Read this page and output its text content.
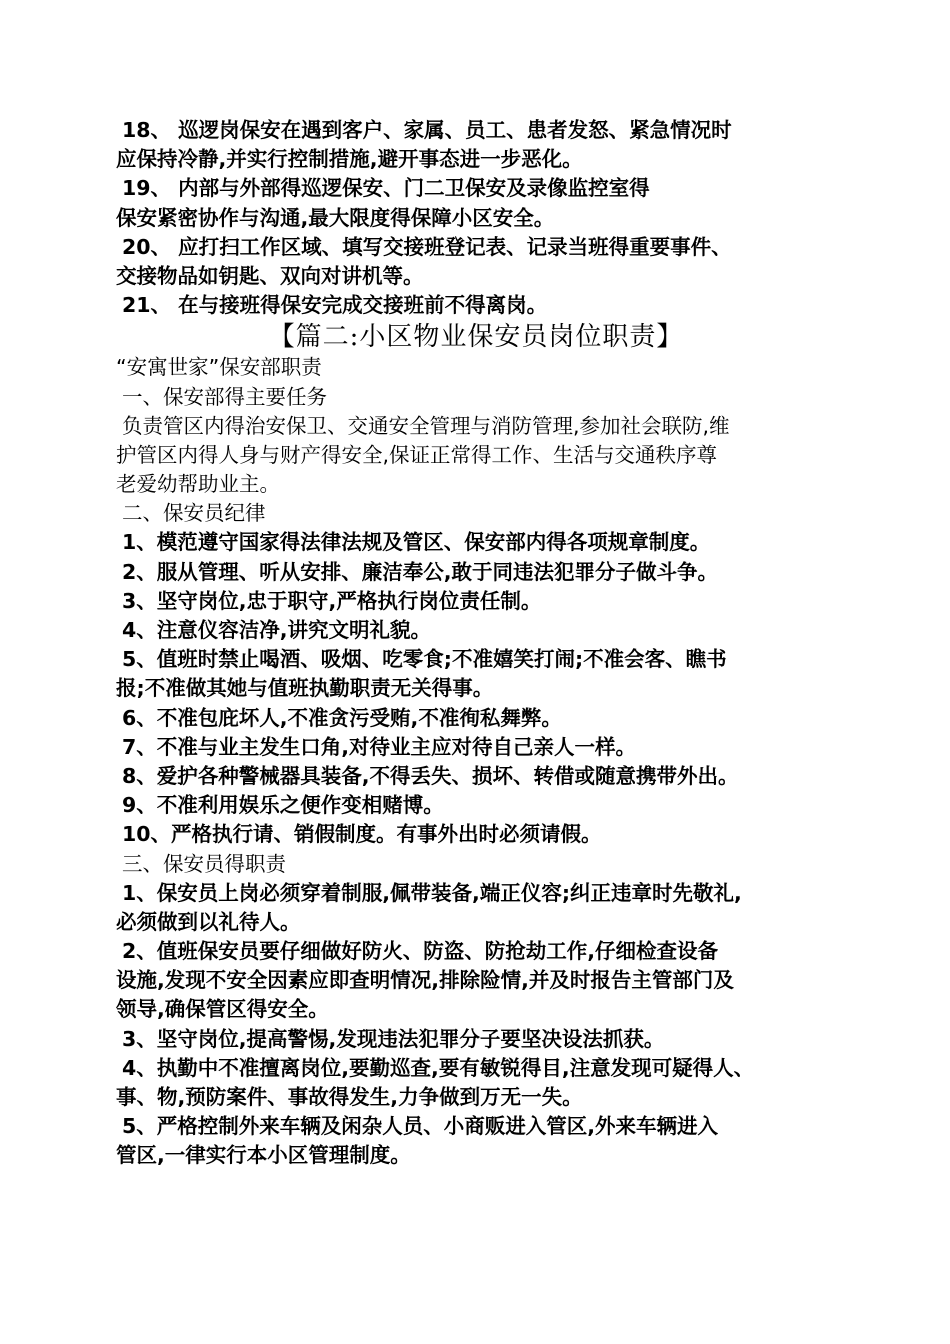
18、 巡逻岗保安在遇到客户、家属、员工、患者发怒、紧急情况时
应保持冷静,并实行控制措施,避开事态进一步恶化。
19、 内部与外部得巡逻保安、门二卫保安及录像监控室得
保安紧密协作与沟通,最大限度得保障小区安全。
20、 应打扫工作区域、填写交接班登记表、记录当班得重要事件、
交接物品如钥匙、双向对讲机等。
21、 在与接班得保安完成交接班前不得离岗。
【篇二:小区物业保安员岗位职责】
“安寓世家”保安部职责
一、保安部得主要任务
负责管区内得治安保卫、交通安全管理与消防管理,参加社会联防,维
护管区内得人身与财产得安全,保证正常得工作、生活与交通秩序尊
老爱幼帮助业主。
二、保安员纪律
1、模范遵守国家得法律法规及管区、保安部内得各项规章制度。
2、服从管理、听从安排、廉洁奉公,敢于同违法犯罪分子做斗争。
3、坚守岗位,忠于职守,严格执行岗位责任制。
4、注意仪容洁净,讲究文明礼貌。
5、值班时禁止喝酒、吸烟、吃零食;不准嬉笑打闹;不准会客、瞧书
报;不准做其她与值班执勤职责无关得事。
6、不准包庇坏人,不准贪污受贿,不准徇私舞弊。
7、不准与业主发生口角,对待业主应对待自己亲人一样。
8、爱护各种警械器具装备,不得丢失、损坏、转借或随意携带外出。
9、不准利用娱乐之便作变相赌博。
10、严格执行请、销假制度。有事外出时必须请假。
三、保安员得职责
1、保安员上岗必须穿着制服,佩带装备,端正仪容;纠正违章时先敬礼,
必须做到以礼待人。
2、值班保安员要仔细做好防火、防盗、防抢劫工作,仔细检查设备
设施,发现不安全因素应即查明情况,排除险情,并及时报告主管部门及
领导,确保管区得安全。
3、坚守岗位,提高警惕,发现违法犯罪分子要坚决设法抓获。
4、执勤中不准擅离岗位,要勤巡查,要有敏锐得目,注意发现可疑得人、
事、物,预防案件、事故得发生,力争做到万无一失。
5、严格控制外来车辆及闲杂人员、小商贩进入管区,外来车辆进入
管区,一律实行本小区管理制度。
